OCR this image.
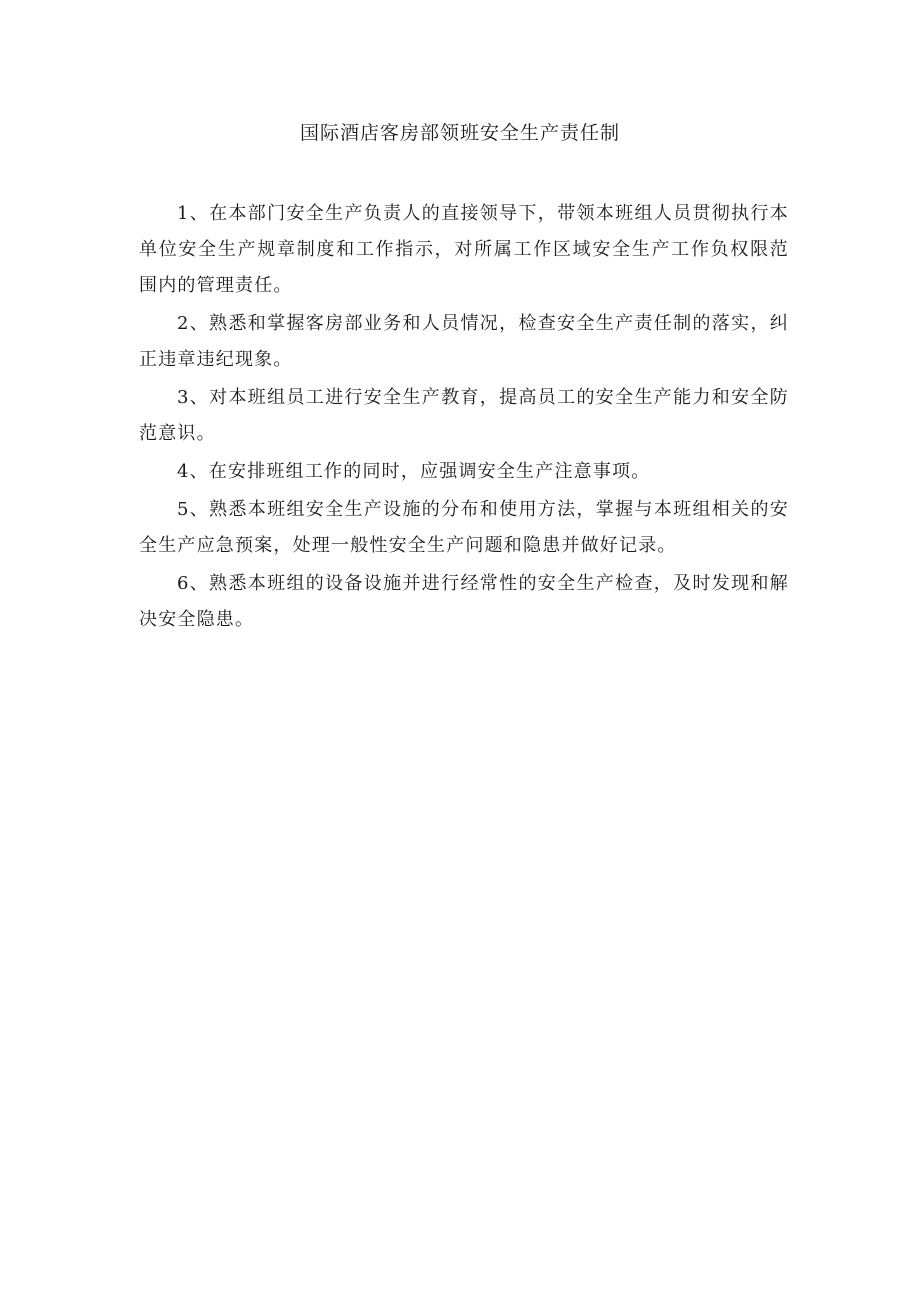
国际酒店客房部领班安全生产责任制

1、在本部门安全生产负责人的直接领导下，带领本班组人员贯彻执行本单位安全生产规章制度和工作指示，对所属工作区域安全生产工作负权限范围内的管理责任。

2、熟悉和掌握客房部业务和人员情况，检查安全生产责任制的落实，纠正违章违纪现象。

3、对本班组员工进行安全生产教育，提高员工的安全生产能力和安全防范意识。

4、在安排班组工作的同时，应强调安全生产注意事项。

5、熟悉本班组安全生产设施的分布和使用方法，掌握与本班组相关的安全生产应急预案，处理一般性安全生产问题和隐患并做好记录。

6、熟悉本班组的设备设施并进行经常性的安全生产检查，及时发现和解决安全隐患。
